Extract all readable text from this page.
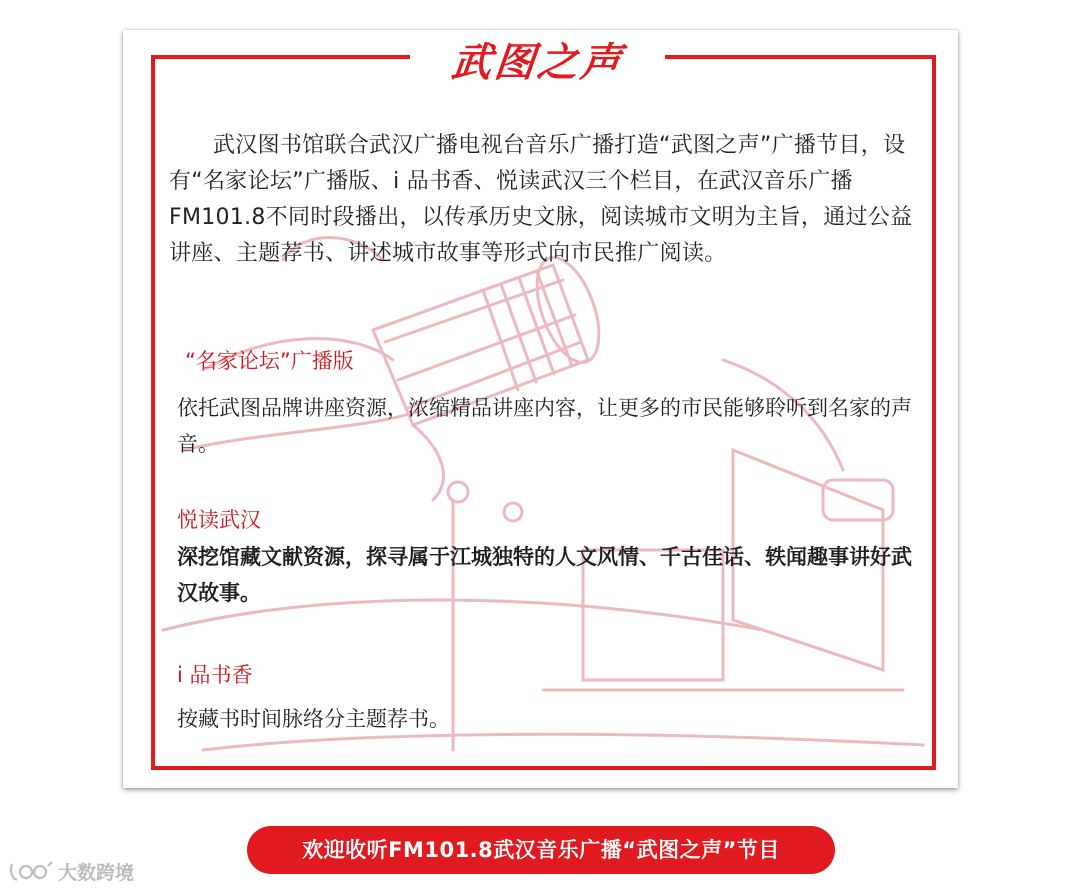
武图之声

武汉图书馆联合武汉广播电视台音乐广播打造“武图之声”广播节目，设有“名家论坛”广播版、i 品书香、悦读武汉三个栏目，在武汉音乐广播FM101.8不同时段播出，以传承历史文脉，阅读城市文明为主旨，通过公益讲座、主题荐书、讲述城市故事等形式向市民推广阅读。

“名家论坛”广播版

依托武图品牌讲座资源，浓缩精品讲座内容，让更多的市民能够聆听到名家的声音。

悦读武汉

深挖馆藏文献资源，探寻属于江城独特的人文风情、千古佳话、轶闻趣事讲好武汉故事。

i 品书香

按藏书时间脉络分主题荐书。

欢迎收听FM101.8武汉音乐广播“武图之声”节目
大数跨境
